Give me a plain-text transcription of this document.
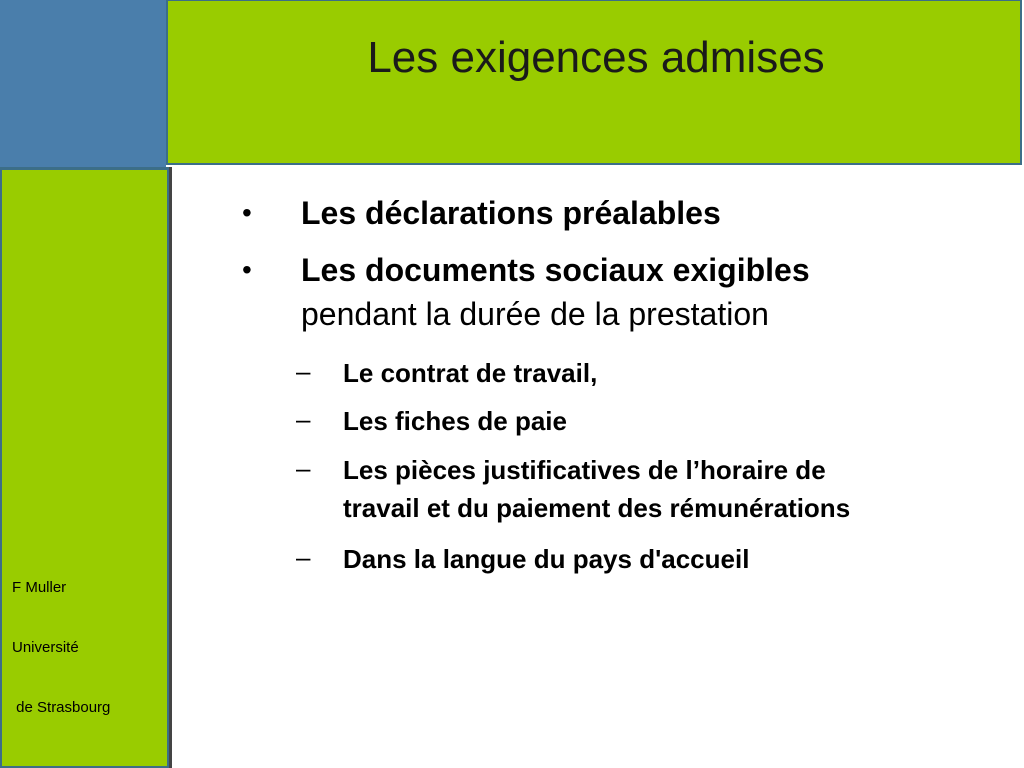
Les exigences admises

F Muller

Université

de Strasbourg

• Les déclarations préalables
• Les documents sociaux exigibles
pendant la durée de la prestation
– Le contrat de travail,
– Les fiches de paie
– Les pièces justificatives de l’horaire de
travail et du paiement des rémunérations
– Dans la langue du pays d'accueil
